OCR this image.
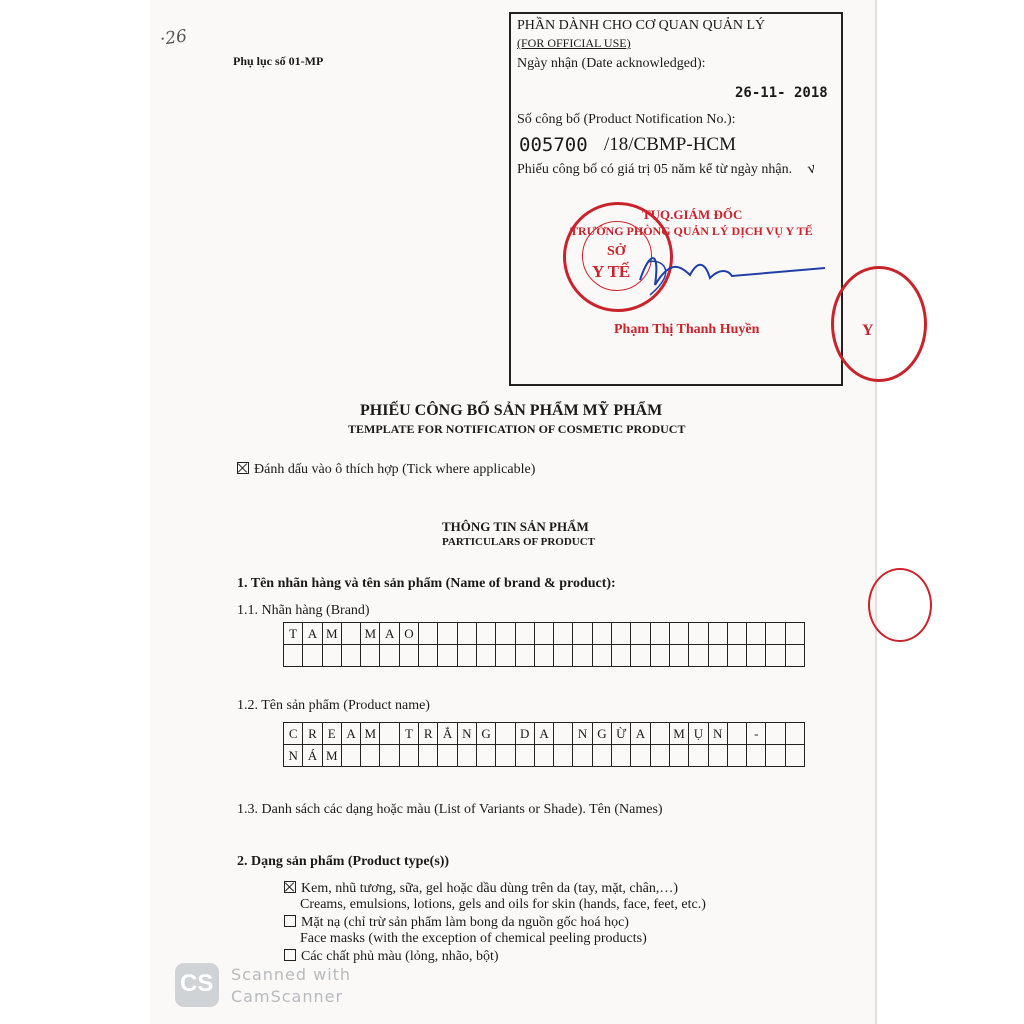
·26
Phụ lục số 01-MP
PHẦN DÀNH CHO CƠ QUAN QUẢN LÝ
(FOR OFFICIAL USE)
Ngày nhận (Date acknowledged):
26-11- 2018
Số công bố (Product Notification No.):
005700 /18/CBMP-HCM
Phiếu công bố có giá trị 05 năm kể từ ngày nhận. v
TUQ.GIÁM ĐỐC
TRƯỞNG PHÒNG QUẢN LÝ DỊCH VỤ Y TẾ
SỞ
Y TẾ
Phạm Thị Thanh Huyền	Y
PHIẾU CÔNG BỐ SẢN PHẨM MỸ PHẨM
TEMPLATE FOR NOTIFICATION OF COSMETIC PRODUCT
Đánh dấu vào ô thích hợp (Tick where applicable)
THÔNG TIN SẢN PHẨM
PARTICULARS OF PRODUCT
1. Tên nhãn hàng và tên sản phẩm (Name of brand & product):
1.1. Nhãn hàng (Brand)
T	A	M		M	A	O																				

1.2. Tên sản phẩm (Product name)
C	R	E	A	M		T	R	Ắ	N	G		D	A		N	G	Ừ	A		M	Ụ	N		-		
N	Á	M																								
1.3. Danh sách các dạng hoặc màu (List of Variants or Shade). Tên (Names)
2. Dạng sản phẩm (Product type(s))
Kem, nhũ tương, sữa, gel hoặc dầu dùng trên da (tay, mặt, chân,…)
Creams, emulsions, lotions, gels and oils for skin (hands, face, feet, etc.)
Mặt nạ (chỉ trừ sản phẩm làm bong da nguồn gốc hoá học)
Face masks (with the exception of chemical peeling products)
Các chất phủ màu (lỏng, nhão, bột)
CS Scanned with
CamScanner
